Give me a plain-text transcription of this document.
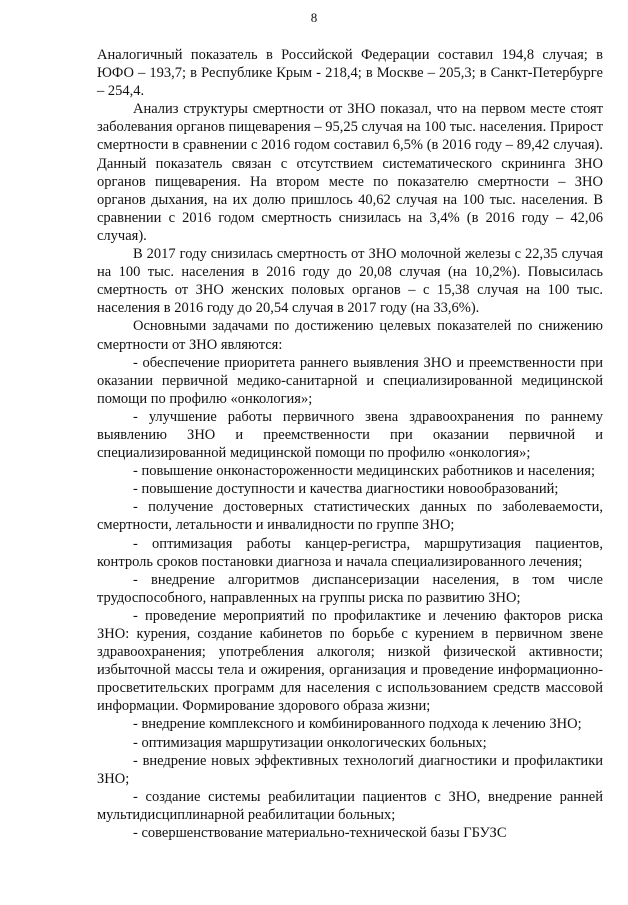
8

Аналогичный показатель в Российской Федерации составил 194,8 случая; в ЮФО – 193,7; в Республике Крым - 218,4; в Москве – 205,3; в Санкт-Петербурге – 254,4.

Анализ структуры смертности от ЗНО показал, что на первом месте стоят заболевания органов пищеварения – 95,25 случая на 100 тыс. населения. Прирост смертности в сравнении с 2016 годом составил 6,5% (в 2016 году – 89,42 случая). Данный показатель связан с отсутствием систематического скрининга ЗНО органов пищеварения. На втором месте по показателю смертности – ЗНО органов дыхания, на их долю пришлось 40,62 случая на 100 тыс. населения. В сравнении с 2016 годом смертность снизилась на 3,4% (в 2016 году – 42,06 случая).

В 2017 году снизилась смертность от ЗНО молочной железы с 22,35 случая на 100 тыс. населения в 2016 году до 20,08 случая (на 10,2%). Повысилась смертность от ЗНО женских половых органов – с 15,38 случая на 100 тыс. населения в 2016 году до 20,54 случая в 2017 году (на 33,6%).

Основными задачами по достижению целевых показателей по снижению смертности от ЗНО являются:

- обеспечение приоритета раннего выявления ЗНО и преемственности при оказании первичной медико-санитарной и специализированной медицинской помощи по профилю «онкология»;

- улучшение работы первичного звена здравоохранения по раннему выявлению ЗНО и преемственности при оказании первичной и специализированной медицинской помощи по профилю «онкология»;

- повышение онконастороженности медицинских работников и населения;

- повышение доступности и качества диагностики новообразований;

- получение достоверных статистических данных по заболеваемости, смертности, летальности и инвалидности по группе ЗНО;

- оптимизация работы канцер-регистра, маршрутизация пациентов, контроль сроков постановки диагноза и начала специализированного лечения;

- внедрение алгоритмов диспансеризации населения, в том числе трудоспособного, направленных на группы риска по развитию ЗНО;

- проведение мероприятий по профилактике и лечению факторов риска ЗНО: курения, создание кабинетов по борьбе с курением в первичном звене здравоохранения; употребления алкоголя; низкой физической активности; избыточной массы тела и ожирения, организация и проведение информационно-просветительских программ для населения с использованием средств массовой информации. Формирование здорового образа жизни;

- внедрение комплексного и комбинированного подхода к лечению ЗНО;

- оптимизация маршрутизации онкологических больных;

- внедрение новых эффективных технологий диагностики и профилактики ЗНО;

- создание системы реабилитации пациентов с ЗНО, внедрение ранней мультидисциплинарной реабилитации больных;

- совершенствование материально-технической базы ГБУЗС
